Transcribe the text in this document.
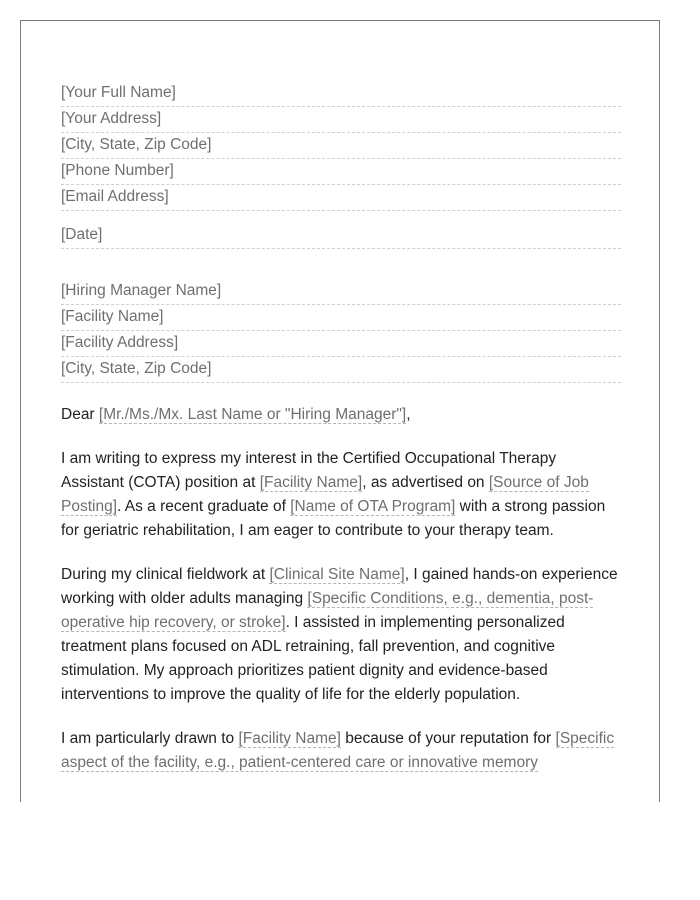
[Your Full Name]
[Your Address]
[City, State, Zip Code]
[Phone Number]
[Email Address]
[Date]
[Hiring Manager Name]
[Facility Name]
[Facility Address]
[City, State, Zip Code]
Dear [Mr./Ms./Mx. Last Name or "Hiring Manager"],
I am writing to express my interest in the Certified Occupational Therapy Assistant (COTA) position at [Facility Name], as advertised on [Source of Job Posting]. As a recent graduate of [Name of OTA Program] with a strong passion for geriatric rehabilitation, I am eager to contribute to your therapy team.
During my clinical fieldwork at [Clinical Site Name], I gained hands-on experience working with older adults managing [Specific Conditions, e.g., dementia, post-operative hip recovery, or stroke]. I assisted in implementing personalized treatment plans focused on ADL retraining, fall prevention, and cognitive stimulation. My approach prioritizes patient dignity and evidence-based interventions to improve the quality of life for the elderly population.
I am particularly drawn to [Facility Name] because of your reputation for [Specific aspect of the facility, e.g., patient-centered care or innovative memory
